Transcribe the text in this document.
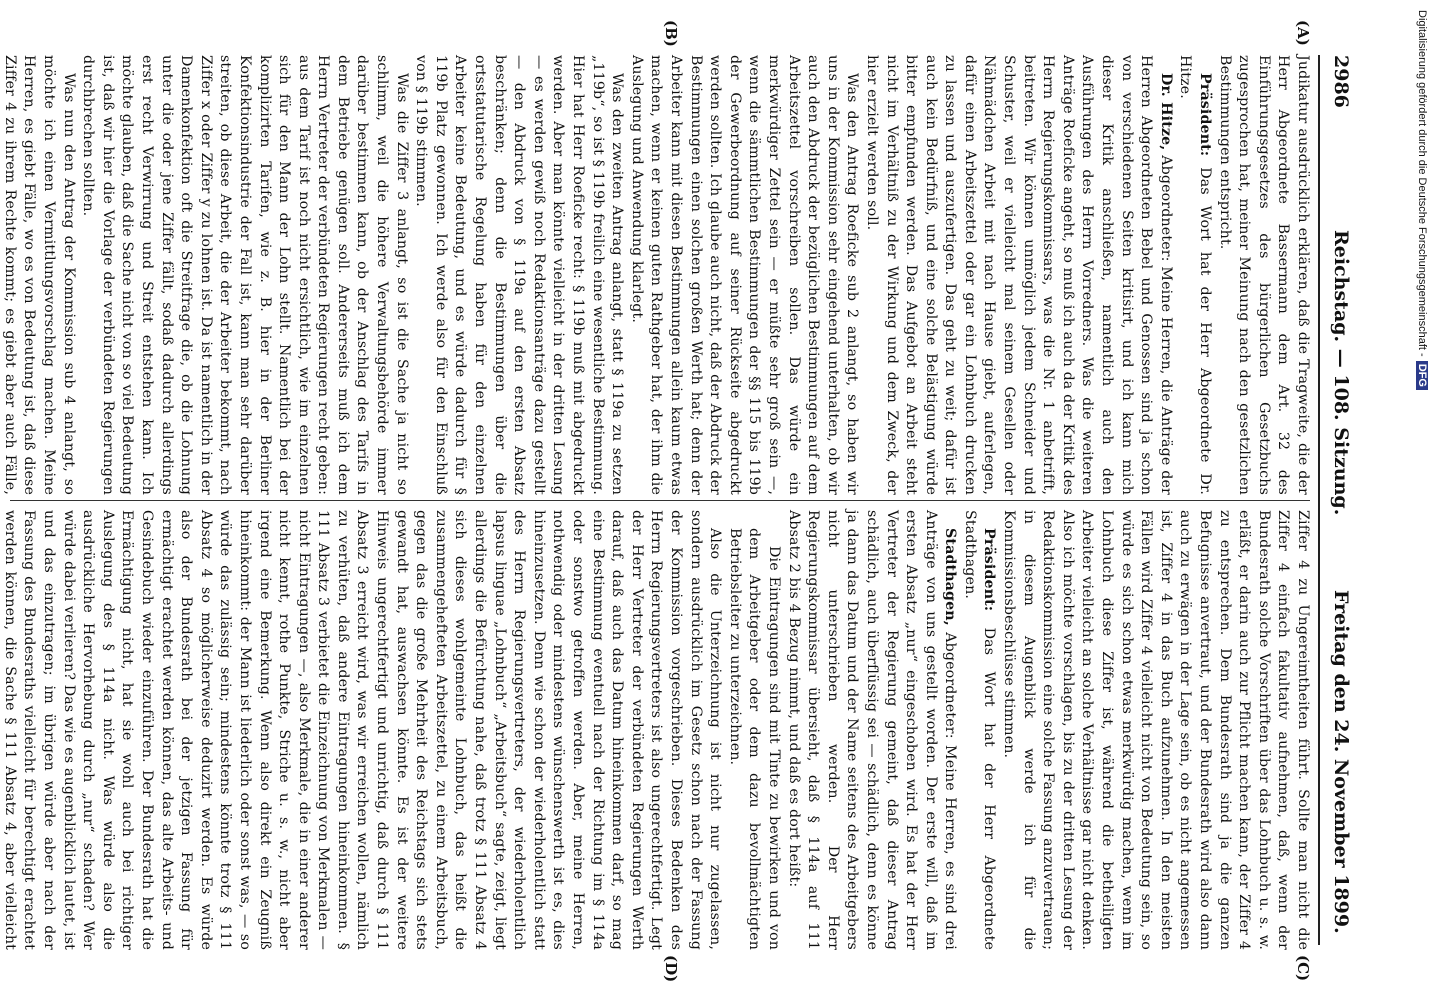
2986
Reichstag. — 108. Sitzung.
Freitag den 24. November 1899.
(A)
(B)
(C)
(D)

Judikatur ausdrücklich erklären, daß die Tragweite, die der Herr Abgeordnete Bassermann dem Art. 32 des Einführungsgesetzes des bürgerlichen Gesetzbuchs zugesprochen hat, meiner Meinung nach den gesetzlichen Bestimmungen entspricht.

Präsident: Das Wort hat der Herr Abgeordnete Dr. Hitze.

Dr. Hitze, Abgeordneter: Meine Herren, die Anträge der Herren Abgeordneten Bebel und Genossen sind ja schon von verschiedenen Seiten kritisirt, und ich kann mich dieser Kritik anschließen, namentlich auch den Ausführungen des Herrn Vorredners. Was die weiteren Anträge Roeficke angeht, so muß ich auch da der Kritik des Herrn Regierungskommissars, was die Nr. 1 anbetrifft, beitreten. Wir können unmöglich jedem Schneider und Schuster, weil er vielleicht mal seinem Gesellen oder Nähmädchen Arbeit mit nach Hause giebt, auferlegen, dafür einen Arbeitszettel oder gar ein Lohnbuch drucken zu lassen und auszufertigen. Das geht zu weit; dafür ist auch kein Bedürfniß, und eine solche Belästigung würde bitter empfunden werden. Das Aufgebot an Arbeit steht nicht im Verhältniß zu der Wirkung und dem Zweck, der hier erzielt werden soll.

Was den Antrag Roeficke sub 2 anlangt, so haben wir uns in der Kommission sehr eingehend unterhalten, ob wir auch den Abdruck der bezüglichen Bestimmungen auf dem Arbeitszettel vorschreiben sollen. Das würde ein merkwürdiger Zettel sein — er müßte sehr groß sein —, wenn die sämmtlichen Bestimmungen der §§ 115 bis 119b der Gewerbeordnung auf seiner Rückseite abgedruckt werden sollten. Ich glaube auch nicht, daß der Abdruck der Bestimmungen einen solchen großen Werth hat; denn der Arbeiter kann mit diesen Bestimmungen allein kaum etwas machen, wenn er keinen guten Rathgeber hat, der ihm die Auslegung und Anwendung klarlegt.

Was den zweiten Antrag anlangt, statt § 119a zu setzen „119b“, so ist § 119b freilich eine wesentliche Bestimmung. Hier hat Herr Roeficke recht: § 119b muß mit abgedruckt werden. Aber man könnte vielleicht in der dritten Lesung — es werden gewiß noch Redaktionsanträge dazu gestellt — den Abdruck von § 119a auf den ersten Absatz beschränken; denn die Bestimmungen über die ortsstatutarische Regelung haben für den einzelnen Arbeiter keine Bedeutung, und es würde dadurch für § 119b Platz gewonnen. Ich werde also für den Einschluß von § 119b stimmen.

Was die Ziffer 3 anlangt, so ist die Sache ja nicht so schlimm, weil die höhere Verwaltungsbehörde immer darüber bestimmen kann, ob der Anschlag des Tarifs in dem Betriebe genügen soll. Andererseits muß ich dem Herrn Vertreter der verbündeten Regierungen recht geben: aus dem Tarif ist noch nicht ersichtlich, wie im einzelnen sich für den Mann der Lohn stellt. Namentlich bei der komplizirten Tarifen, wie z. B. hier in der Berliner Konfektionsindustrie der Fall ist, kann man sehr darüber streiten, ob diese Arbeit, die der Arbeiter bekommt, nach Ziffer x oder Ziffer y zu lohnen ist. Da ist namentlich in der Damenkonfektion oft die Streitfrage die, ob die Lohnung unter die oder jene Ziffer fällt, sodaß dadurch allerdings erst recht Verwirrung und Streit entstehen kann. Ich möchte glauben, daß die Sache nicht von so viel Bedeutung ist, daß wir hier die Vorlage der verbündeten Regierungen durchbrechen sollten.

Was nun den Antrag der Kommission sub 4 anlangt, so möchte ich einen Vermittlungsvorschlag machen. Meine Herren, es giebt Fälle, wo es von Bedeutung ist, daß diese Ziffer 4 zu ihrem Rechte kommt; es giebt aber auch Fälle,

Ziffer 4 zu Ungereimtheiten führt. Sollte man nicht die Ziffer 4 einfach fakultativ aufnehmen, daß, wenn der Bundesrath solche Vorschriften über das Lohnbuch u. s. w. erläßt, er darin auch zur Pflicht machen kann, der Ziffer 4 zu entsprechen. Dem Bundesrath sind ja die ganzen Befugnisse anvertraut, und der Bundesrath wird also dann auch zu erwägen in der Lage sein, ob es nicht angemessen ist, Ziffer 4 in das Buch aufzunehmen. In den meisten Fällen wird Ziffer 4 vielleicht nicht von Bedeutung sein, so würde es sich schon etwas merkwürdig machen, wenn im Lohnbuch diese Ziffer ist, während die betheiligten Arbeiter vielleicht an solche Verhältnisse gar nicht denken. Also ich möchte vorschlagen, bis zu der dritten Lesung der Redaktionskommission eine solche Fassung anzuvertrauen; in diesem Augenblick werde ich für die Kommissionsbeschlüsse stimmen.

Präsident: Das Wort hat der Herr Abgeordnete Stadthagen.

Stadthagen, Abgeordneter: Meine Herren, es sind drei Anträge von uns gestellt worden. Der erste will, daß im ersten Absatz „nur“ eingeschoben wird. Es hat der Herr Vertreter der Regierung gemeint, daß dieser Antrag schädlich, auch überflüssig sei — schädlich, denn es könne ja dann das Datum und der Name seitens des Arbeitgebers nicht unterschrieben werden. Der Herr Regierungskommissar übersieht, daß § 114a auf 111 Absatz 2 bis 4 Bezug nimmt, und daß es dort heißt:

Die Eintragungen sind mit Tinte zu bewirken und von dem Arbeitgeber oder dem dazu bevollmächtigten Betriebsleiter zu unterzeichnen.

Also die Unterzeichnung ist nicht nur zugelassen, sondern ausdrücklich im Gesetz schon nach der Fassung der Kommission vorgeschrieben. Dieses Bedenken des Herrn Regierungsvertreters ist also ungerechtfertigt. Legt der Herr Vertreter der verbündeten Regierungen Werth darauf, daß auch das Datum hineinkommen darf, so mag eine Bestimmung eventuell nach der Richtung im § 114a oder sonstwo getroffen werden. Aber, meine Herren, nothwendig oder mindestens wünschenswerth ist es, dies hineinzusetzen. Denn wie schon der wiederholentlich statt des Herrn Regierungsvertreters, der wiederholentlich lapsus linguae „Lohnbuch“ „Arbeitsbuch“ sagte, zeigt, liegt allerdings die Befürchtung nahe, daß trotz § 111 Absatz 4 sich dieses wohlgemeinte Lohnbuch, das heißt die zusammengehefteten Arbeitszettel, zu einem Arbeitsbuch, gegen das die große Mehrheit des Reichstags sich stets gewandt hat, auswachsen könnte. Es ist der weitere Hinweis ungerechtfertigt und unrichtig, daß durch § 111 Absatz 3 erreicht wird, was wir erreichen wollen, nämlich zu verhüten, daß andere Eintragungen hineinkommen. § 111 Absatz 3 verbietet die Einzeichnung von Merkmalen — nicht Eintragungen —, also Merkmale, die in einer anderer nicht kennt, rothe Punkte, Striche u. s. w., nicht aber irgend eine Bemerkung. Wenn also direkt ein Zeugniß hineinkommt: der Mann ist liederlich oder sonst was, — so würde das zulässig sein; mindestens könnte trotz § 111 Absatz 4 so möglicherweise deduzirt werden. Es würde also der Bundesrath bei der jetzigen Fassung für ermächtigt erachtet werden können, das alte Arbeits- und Gesindebuch wieder einzuführen. Der Bundesrath hat die Ermächtigung nicht, hat sie wohl auch bei richtiger Auslegung des § 114a nicht. Was würde also die ausdrückliche Hervorhebung durch „nur“ schaden? Wer würde dabei verlieren? Das wie es augenblicklich lautet, ist und das einzutragen; im übrigen würde aber nach der Fassung des Bundesraths vielleicht für berechtigt erachtet werden können, die Sache § 111 Absatz 4, aber vielleicht

Digitalisierung gefördert durch die Deutsche Forschungsgemeinschaft -DFG
